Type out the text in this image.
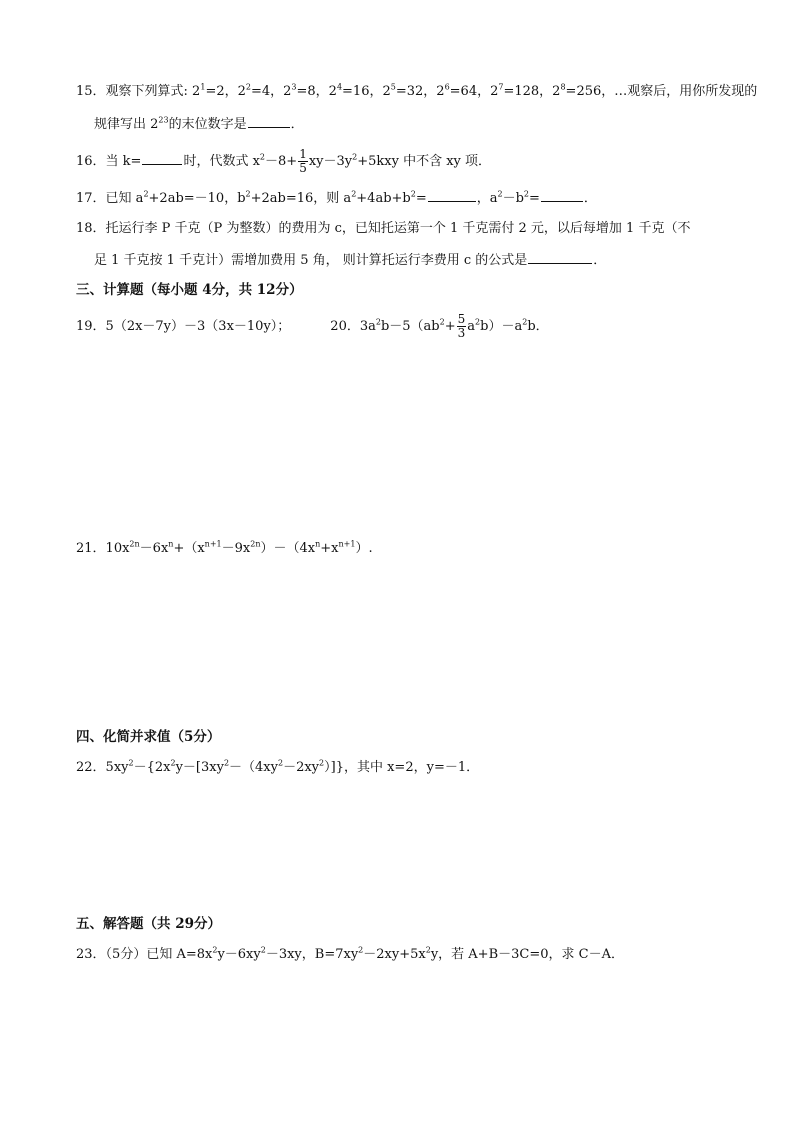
15．观察下列算式: $2^1=2$，$2^2=4$，$2^3=8$，$2^4=16$，$2^5=32$，$2^6=64$，$2^7=128$，$2^8=256$，…观察后，用你所发现的
规律写出 $2^{23}$的末位数字是	．
16．当 k=	时，代数式 $x^2-8+ \frac{1}{5} xy-3y^2+5kxy$ 中不含 xy 项．
17．已知 $a^2+2ab=-10$，$b^2+2ab=16$，则 $a^2+4ab+b^2=$	，$a^2-b^2=$	．
18．托运行李 P 千克（P 为整数）的费用为 c，已知托运第一个 1 千克需付 2 元，以后每增加 1 千克（不
足 1 千克按 1 千克计）需增加费用 5 角， 则计算托运行李费用 c 的公式是	．
三、计算题（每小题 4分，共 12分）
19．5（2x－7y）－3（3x－10y）；	20．$3a^2b-5(ab^2+ \frac{5}{3} a^2b)-a^2b$．
21．$10x^{2n}-6x^n+(x^{n+1}-9x^{2n})-(4x^n+x^{n+1})$.
四、化简并求值（5分）
22．$5xy^2-\{2x^2y-[3xy^2-(4xy^2-2xy^2)]\}$，其中 x=2，y=－1．
五、解答题（共 29分）
23．（5分）已知 $A=8x^2y-6xy^2-3xy$，$B=7xy^2-2xy+5x^2y$，若 A+B－3C=0，求 C－A．
